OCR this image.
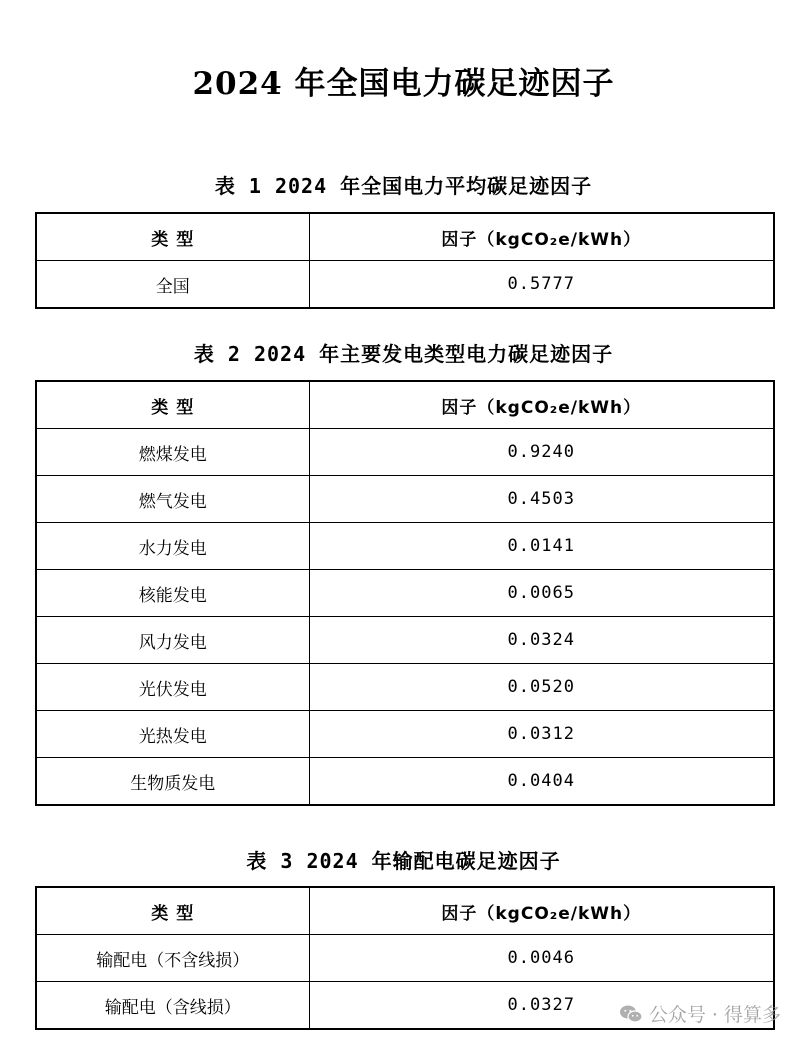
2024 年全国电力碳足迹因子
表 1 2024 年全国电力平均碳足迹因子
类 型	因子（kgCO₂e/kWh）
全国	0.5777
表 2 2024 年主要发电类型电力碳足迹因子
类 型	因子（kgCO₂e/kWh）
燃煤发电	0.9240
燃气发电	0.4503
水力发电	0.0141
核能发电	0.0065
风力发电	0.0324
光伏发电	0.0520
光热发电	0.0312
生物质发电	0.0404
表 3 2024 年输配电碳足迹因子
类 型	因子（kgCO₂e/kWh）
输配电（不含线损）	0.0046
输配电（含线损）	0.0327	公众号 · 得算多
